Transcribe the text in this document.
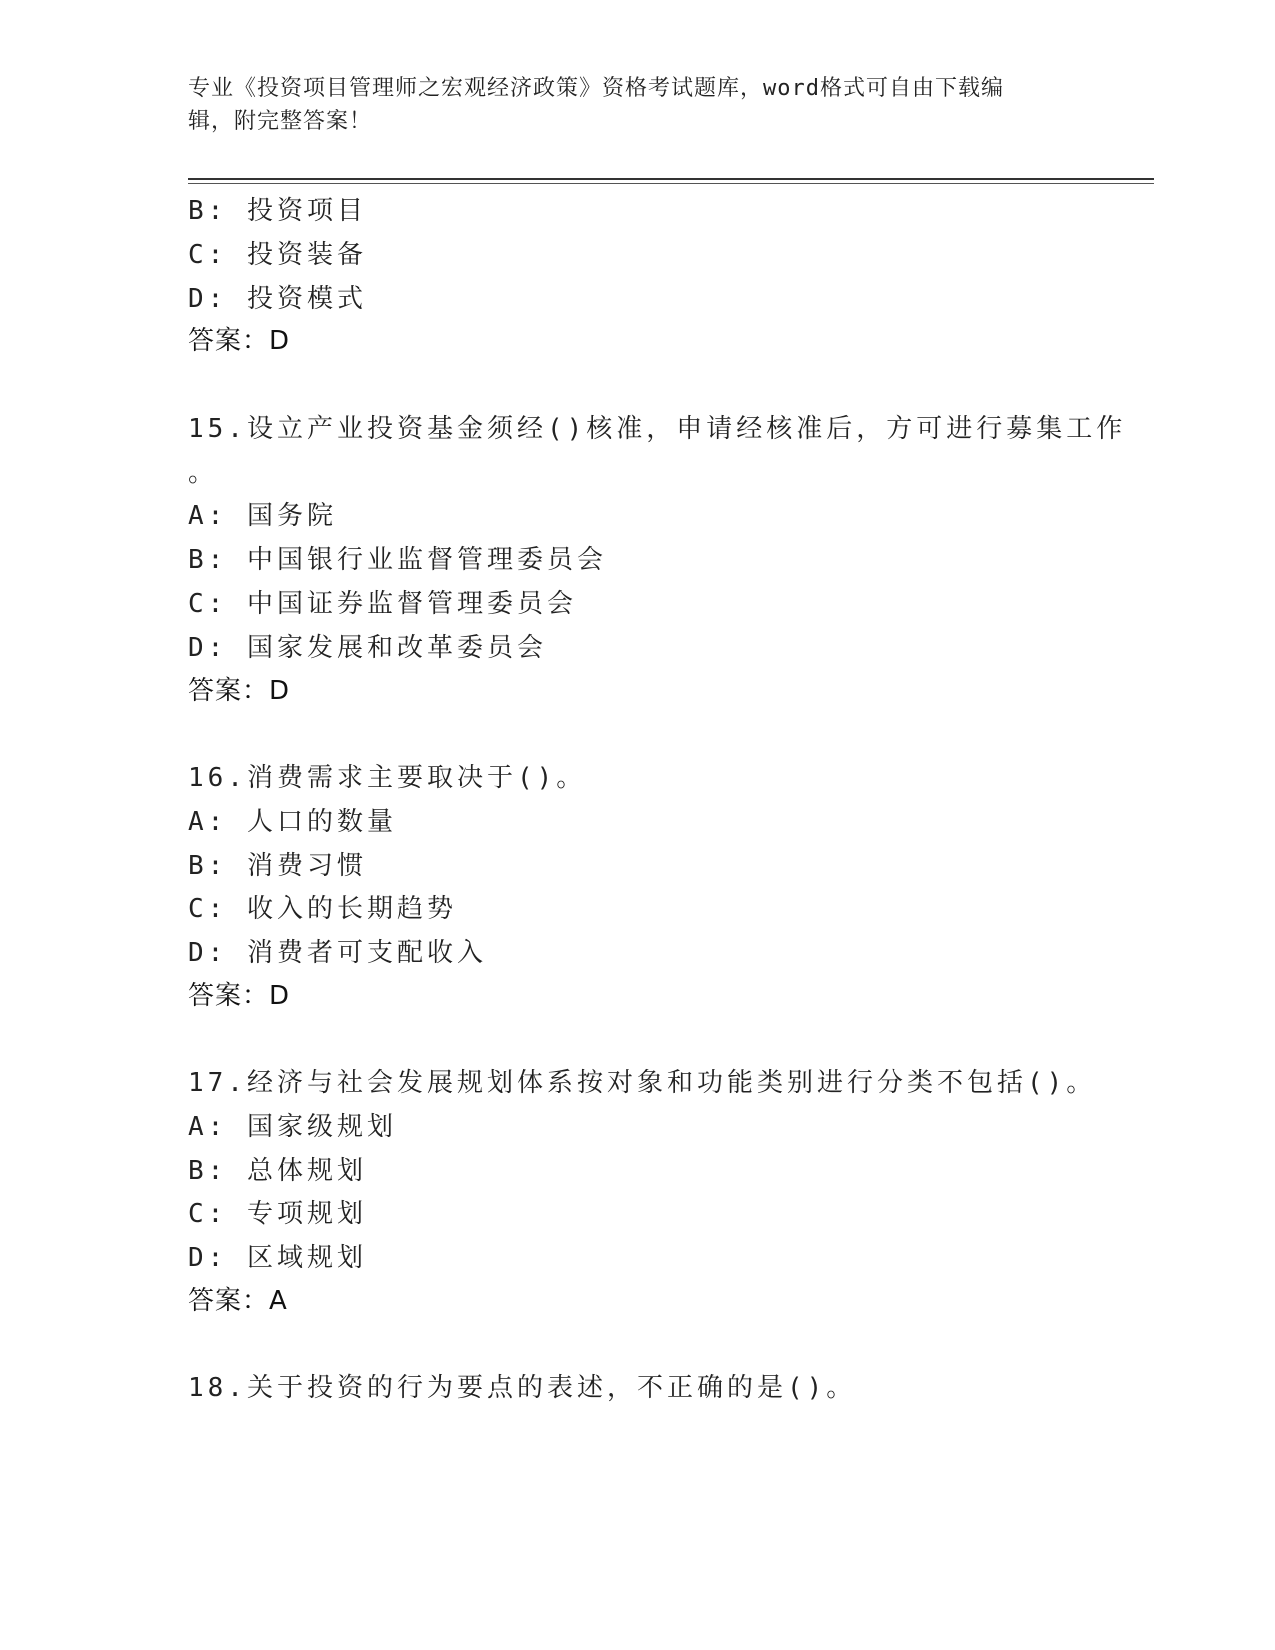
专业《投资项目管理师之宏观经济政策》资格考试题库，word格式可自由下载编
辑，附完整答案！
B: 投资项目
C: 投资装备
D: 投资模式
答案：D
15.设立产业投资基金须经()核准，申请经核准后，方可进行募集工作
。
A: 国务院
B: 中国银行业监督管理委员会
C: 中国证券监督管理委员会
D: 国家发展和改革委员会
答案：D
16.消费需求主要取决于()。
A: 人口的数量
B: 消费习惯
C: 收入的长期趋势
D: 消费者可支配收入
答案：D
17.经济与社会发展规划体系按对象和功能类别进行分类不包括()。
A: 国家级规划
B: 总体规划
C: 专项规划
D: 区域规划
答案：A
18.关于投资的行为要点的表述，不正确的是()。
